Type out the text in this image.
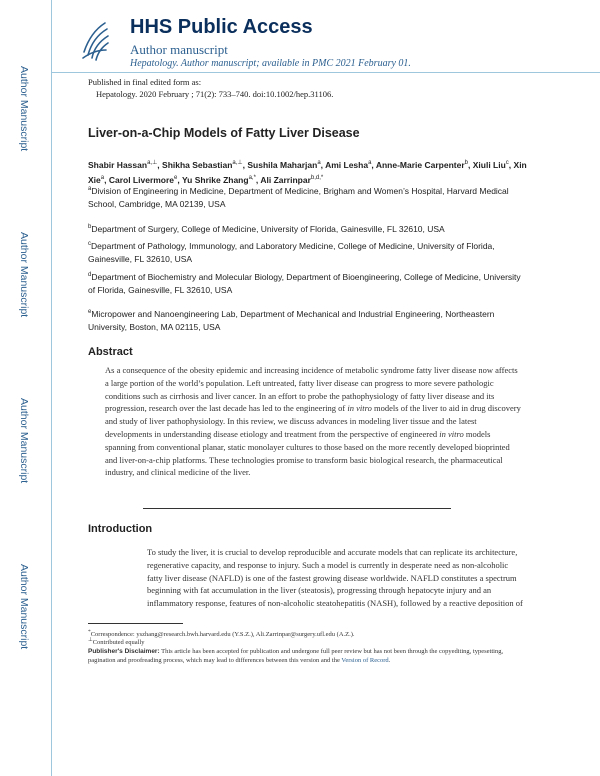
Author Manuscript
Author Manuscript
Author Manuscript
Author Manuscript
HHS Public Access
Author manuscript
Hepatology. Author manuscript; available in PMC 2021 February 01.
Published in final edited form as:
Hepatology. 2020 February ; 71(2): 733–740. doi:10.1002/hep.31106.
Liver-on-a-Chip Models of Fatty Liver Disease
Shabir Hassan$^{a,\perp}$, Shikha Sebastian$^{a,\perp}$, Sushila Maharjan$^a$, Ami Lesha$^a$, Anne-Marie Carpenter$^b$, Xiuli Liu$^c$, Xin Xie$^a$, Carol Livermore$^e$, Yu Shrike Zhang$^{a,*}$, Ali Zarrinpar$^{b,d,*}$
$^a$Division of Engineering in Medicine, Department of Medicine, Brigham and Women’s Hospital, Harvard Medical School, Cambridge, MA 02139, USA
$^b$Department of Surgery, College of Medicine, University of Florida, Gainesville, FL 32610, USA
$^c$Department of Pathology, Immunology, and Laboratory Medicine, College of Medicine, University of Florida, Gainesville, FL 32610, USA
$^d$Department of Biochemistry and Molecular Biology, Department of Bioengineering, College of Medicine, University of Florida, Gainesville, FL 32610, USA
$^e$Micropower and Nanoengineering Lab, Department of Mechanical and Industrial Engineering, Northeastern University, Boston, MA 02115, USA
Abstract
As a consequence of the obesity epidemic and increasing incidence of metabolic syndrome fatty liver disease now affects a large portion of the world’s population. Left untreated, fatty liver disease can progress to more severe pathologic conditions such as cirrhosis and liver cancer. In an effort to probe the pathophysiology of fatty liver disease and its progression, research over the last decade has led to the engineering of in vitro models of the liver to aid in drug discovery and study of liver pathophysiology. In this review, we discuss advances in modeling liver tissue and the latest developments in understanding disease etiology and treatment from the perspective of engineered in vitro models spanning from conventional planar, static monolayer cultures to those based on the more recently developed bioprinted and liver-on-a-chip platforms. These technologies promise to transform basic biological research, the pharmaceutical industry, and clinical medicine of the liver.
Introduction
To study the liver, it is crucial to develop reproducible and accurate models that can replicate its architecture, regenerative capacity, and response to injury. Such a model is currently in desperate need as non-alcoholic fatty liver disease (NAFLD) is one of the fastest growing disease worldwide. NAFLD constitutes a spectrum beginning with fat accumulation in the liver (steatosis), progressing through hepatocyte injury and an inflammatory response, features of non-alcoholic steatohepatitis (NASH), followed by a reactive deposition of
*Correspondence: yszhang@research.bwh.harvard.edu (Y.S.Z.), Ali.Zarrinpar@surgery.ufl.edu (A.Z.).
⊥Contributed equally
Publisher's Disclaimer: This article has been accepted for publication and undergone full peer review but has not been through the copyediting, typesetting, pagination and proofreading process, which may lead to differences between this version and the Version of Record.
